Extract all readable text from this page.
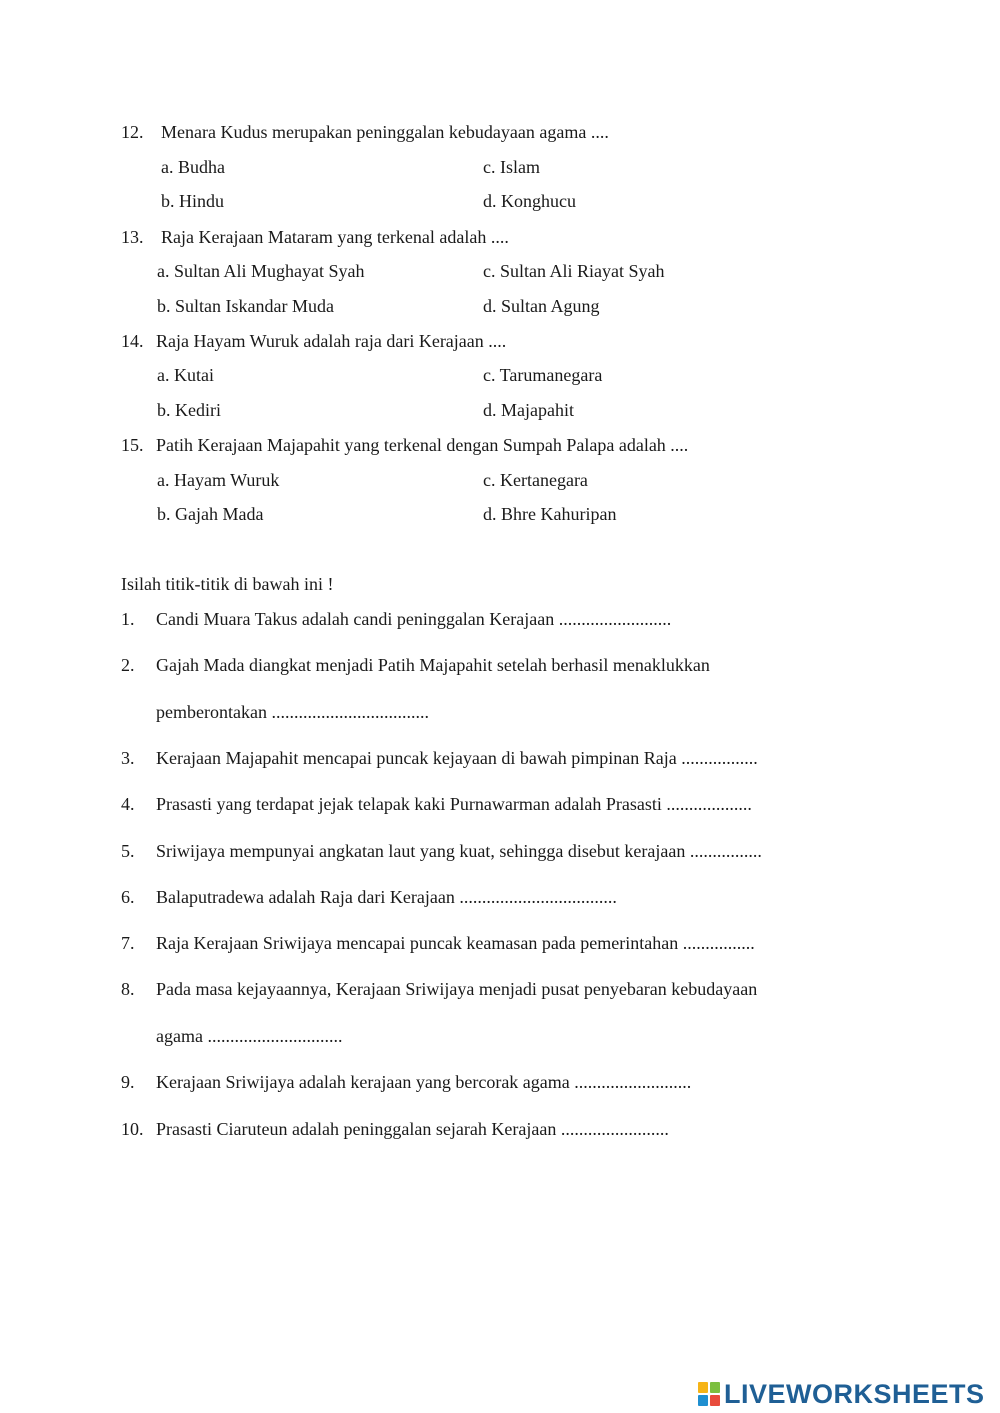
12. Menara Kudus merupakan peninggalan kebudayaan agama ....
a. Budha
b. Hindu
c. Islam
d. Konghucu
13. Raja Kerajaan Mataram yang terkenal adalah ....
a. Sultan Ali Mughayat Syah
b. Sultan Iskandar Muda
c. Sultan Ali Riayat Syah
d. Sultan Agung
14. Raja Hayam Wuruk adalah raja dari Kerajaan ....
a. Kutai
b. Kediri
c. Tarumanegara
d. Majapahit
15. Patih Kerajaan Majapahit yang terkenal dengan Sumpah Palapa adalah ....
a. Hayam Wuruk
b. Gajah Mada
c. Kertanegara
d. Bhre Kahuripan
Isilah titik-titik di bawah ini !
1. Candi Muara Takus adalah candi peninggalan Kerajaan .........................
2. Gajah Mada diangkat menjadi Patih Majapahit setelah berhasil menaklukkan
pemberontakan ...................................
3. Kerajaan Majapahit mencapai puncak kejayaan di bawah pimpinan Raja .................
4. Prasasti yang terdapat jejak telapak kaki Purnawarman adalah Prasasti ...................
5. Sriwijaya mempunyai angkatan laut yang kuat, sehingga disebut kerajaan ................
6. Balaputradewa adalah Raja dari Kerajaan ...................................
7. Raja Kerajaan Sriwijaya mencapai puncak keamasan pada pemerintahan ................
8. Pada masa kejayaannya, Kerajaan Sriwijaya menjadi pusat penyebaran kebudayaan
agama ..............................
9. Kerajaan Sriwijaya adalah kerajaan yang bercorak agama ..........................
10. Prasasti Ciaruteun adalah peninggalan sejarah Kerajaan ........................
LIVEWORKSHEETS
